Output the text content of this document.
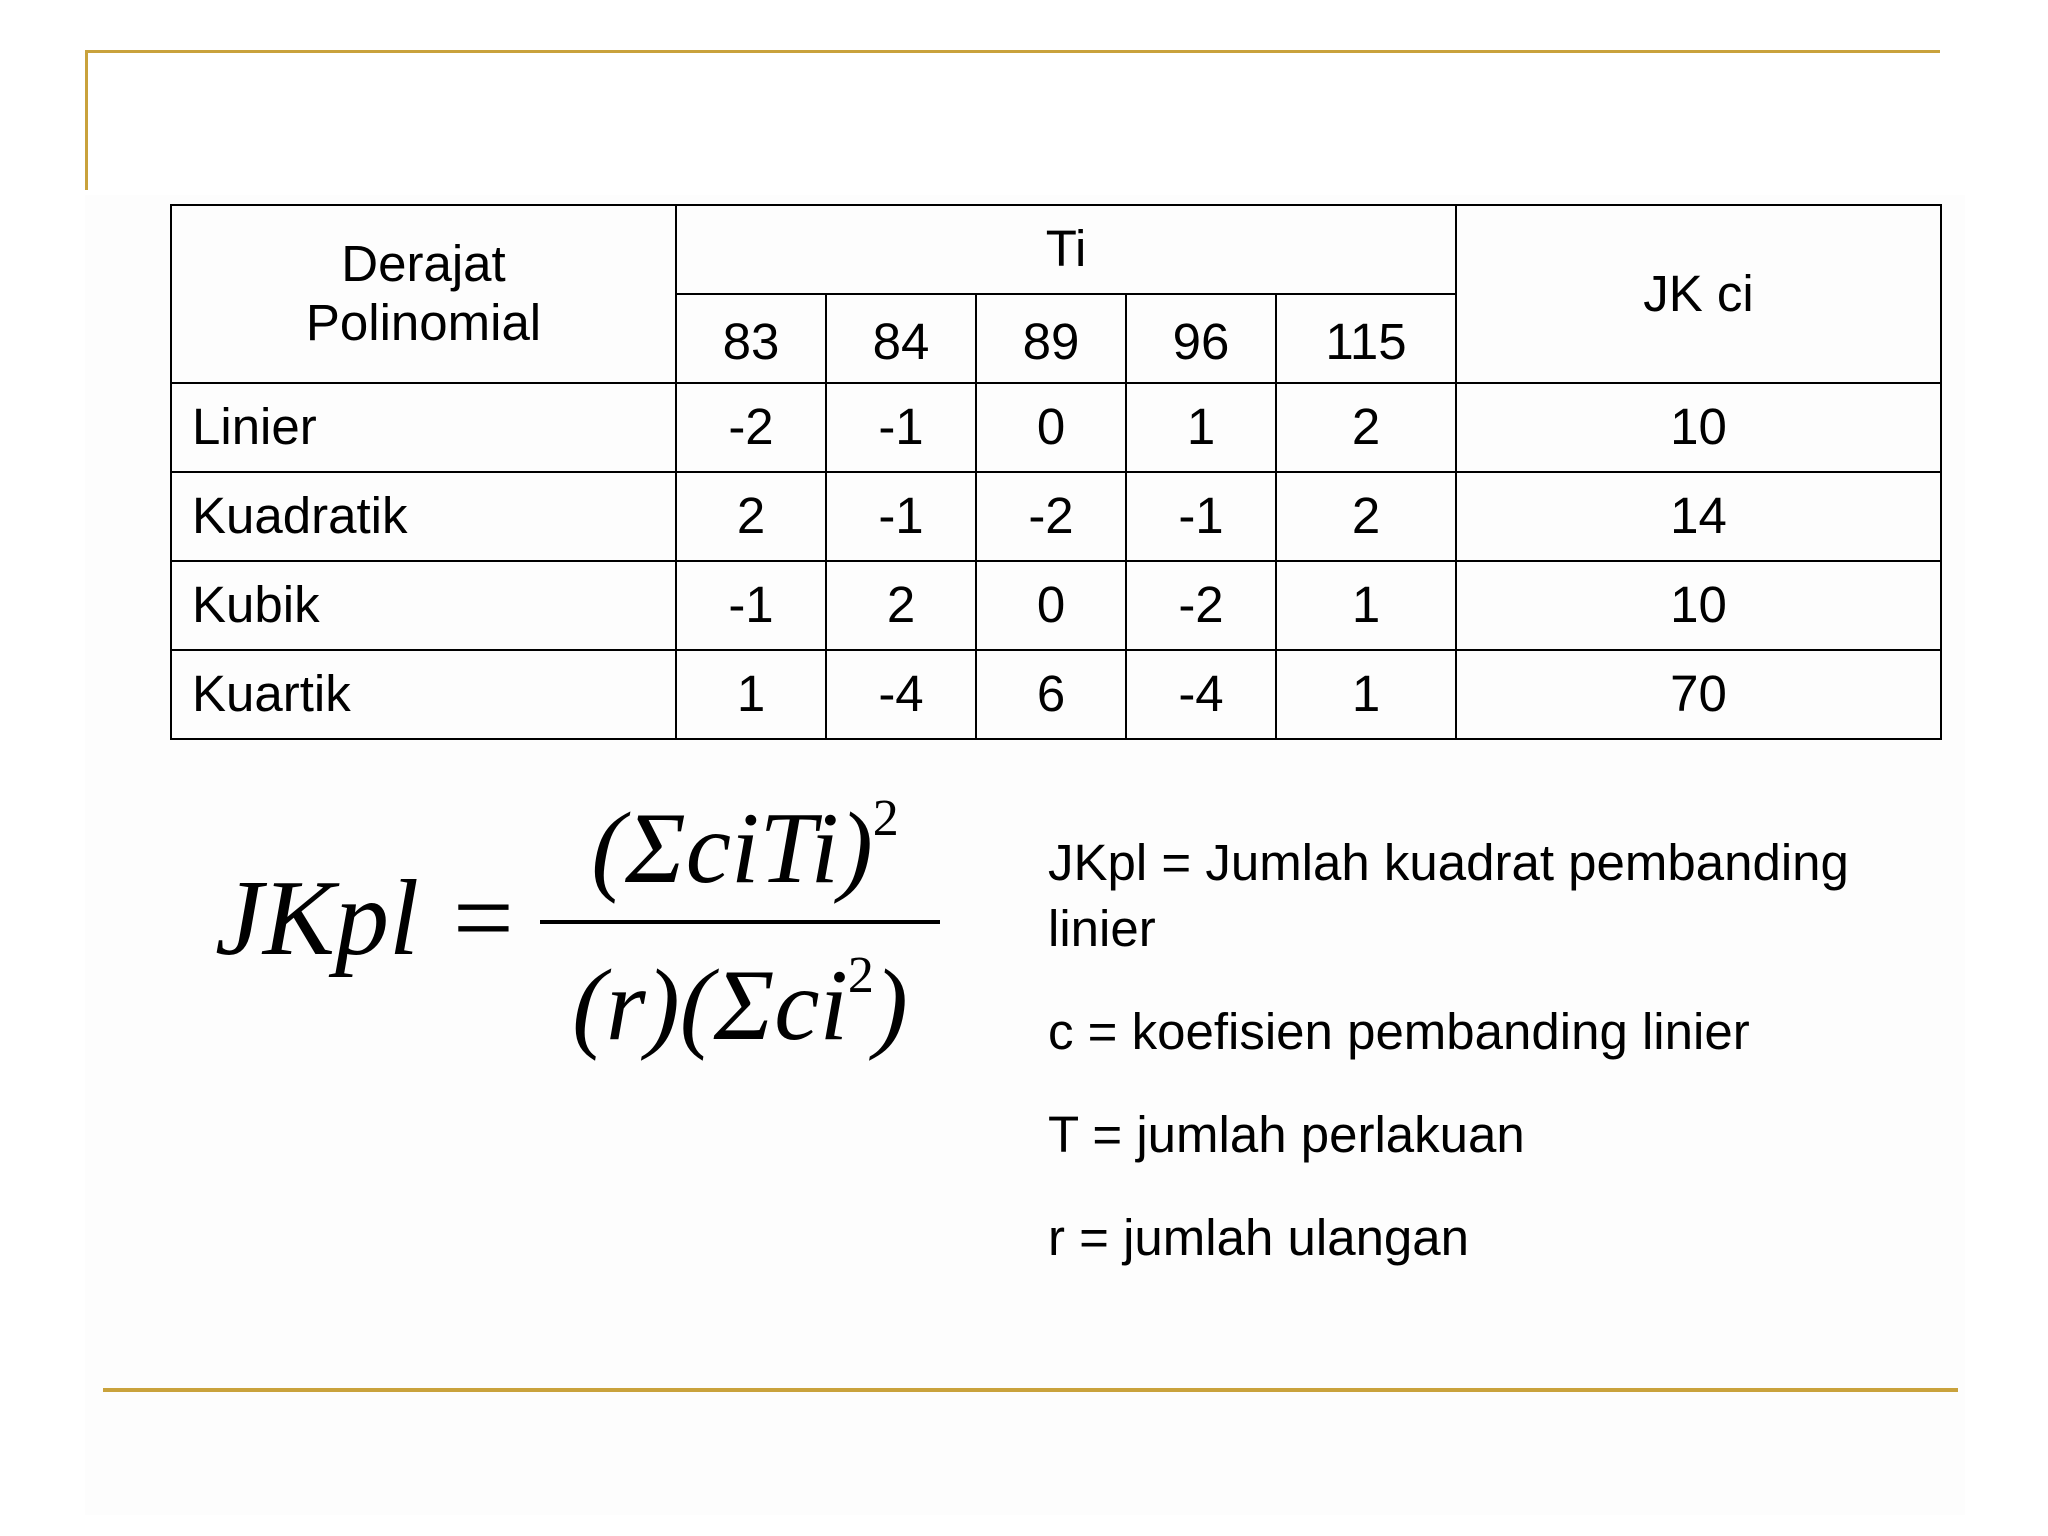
Derajat
Polinomial	Ti					JK ci
	83	84	89	96	115	
Linier	-2	-1	0	1	2	10
Kuadratik	2	-1	-2	-1	2	14
Kubik	-1	2	0	-2	1	10
Kuartik	1	-4	6	-4	1	70
JKpl =
(ΣciTi)$^2$
(r)(Σci$^2$)

JKpl = Jumlah kuadrat pembanding linier

c = koefisien pembanding linier

T = jumlah perlakuan

r = jumlah ulangan
